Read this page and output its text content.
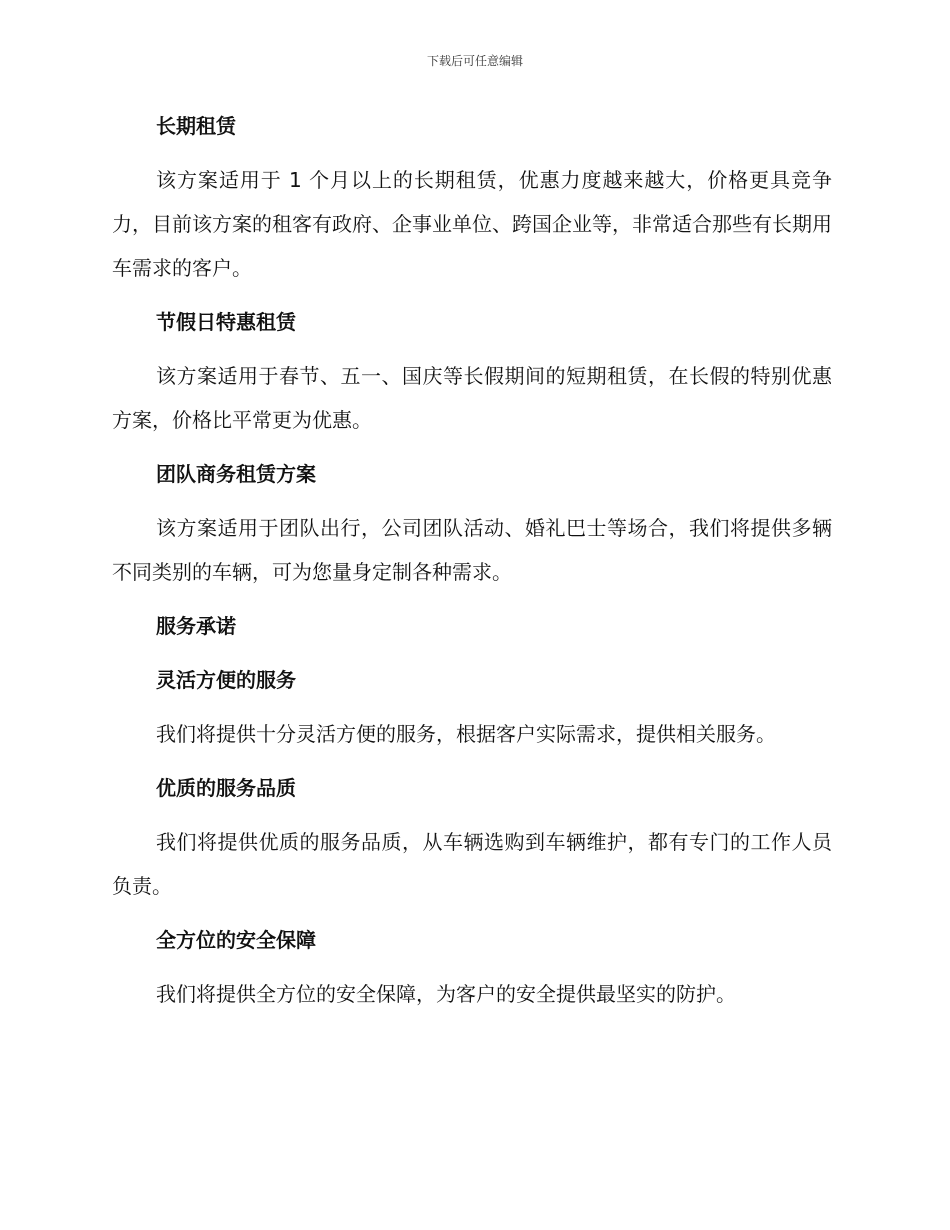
下载后可任意编辑
长期租赁
该方案适用于 1 个月以上的长期租赁，优惠力度越来越大，价格更具竞争力，目前该方案的租客有政府、企事业单位、跨国企业等，非常适合那些有长期用车需求的客户。
节假日特惠租赁
该方案适用于春节、五一、国庆等长假期间的短期租赁，在长假的特别优惠方案，价格比平常更为优惠。
团队商务租赁方案
该方案适用于团队出行，公司团队活动、婚礼巴士等场合，我们将提供多辆不同类别的车辆，可为您量身定制各种需求。
服务承诺
灵活方便的服务
我们将提供十分灵活方便的服务，根据客户实际需求，提供相关服务。
优质的服务品质
我们将提供优质的服务品质，从车辆选购到车辆维护，都有专门的工作人员负责。
全方位的安全保障
我们将提供全方位的安全保障，为客户的安全提供最坚实的防护。
